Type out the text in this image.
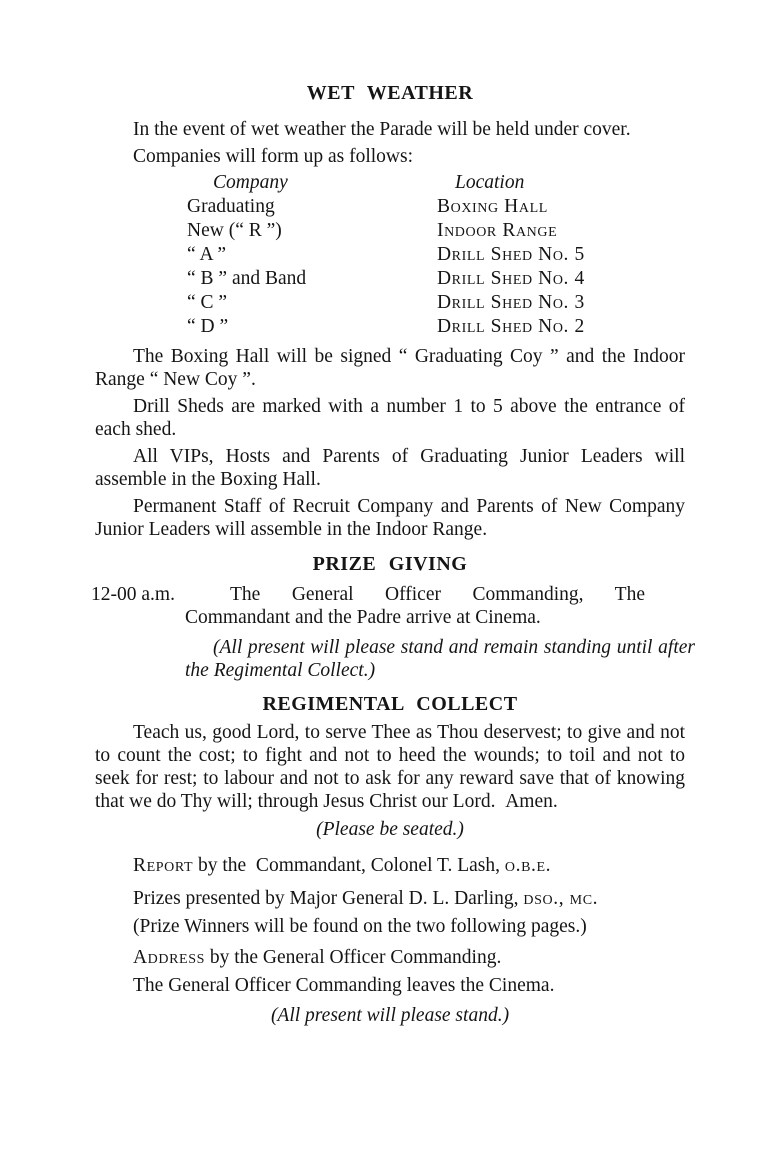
WET WEATHER

In the event of wet weather the Parade will be held under cover.

Companies will form up as follows:

Company	Location
Graduating	Boxing Hall
New (“ R ”)	Indoor Range
“ A ”	Drill Shed No. 5
“ B ” and Band	Drill Shed No. 4
“ C ”	Drill Shed No. 3
“ D ”	Drill Shed No. 2

The Boxing Hall will be signed “ Graduating Coy ” and the Indoor Range “ New Coy ”.

Drill Sheds are marked with a number 1 to 5 above the entrance of each shed.

All VIPs, Hosts and Parents of Graduating Junior Leaders will assemble in the Boxing Hall.

Permanent Staff of Recruit Company and Parents of New Company Junior Leaders will assemble in the Indoor Range.

PRIZE GIVING
12-00 a.m.	The General Officer Commanding, The Commandant and the Padre arrive at Cinema.

(All present will please stand and remain standing until after the Regimental Collect.)

REGIMENTAL COLLECT

Teach us, good Lord, to serve Thee as Thou deservest; to give and not to count the cost; to fight and not to heed the wounds; to toil and not to seek for rest; to labour and not to ask for any reward save that of knowing that we do Thy will; through Jesus Christ our Lord. Amen.

(Please be seated.)

Report by the Commandant, Colonel T. Lash, o.b.e.

Prizes presented by Major General D. L. Darling, dso., mc.

(Prize Winners will be found on the two following pages.)

Address by the General Officer Commanding.

The General Officer Commanding leaves the Cinema.

(All present will please stand.)
